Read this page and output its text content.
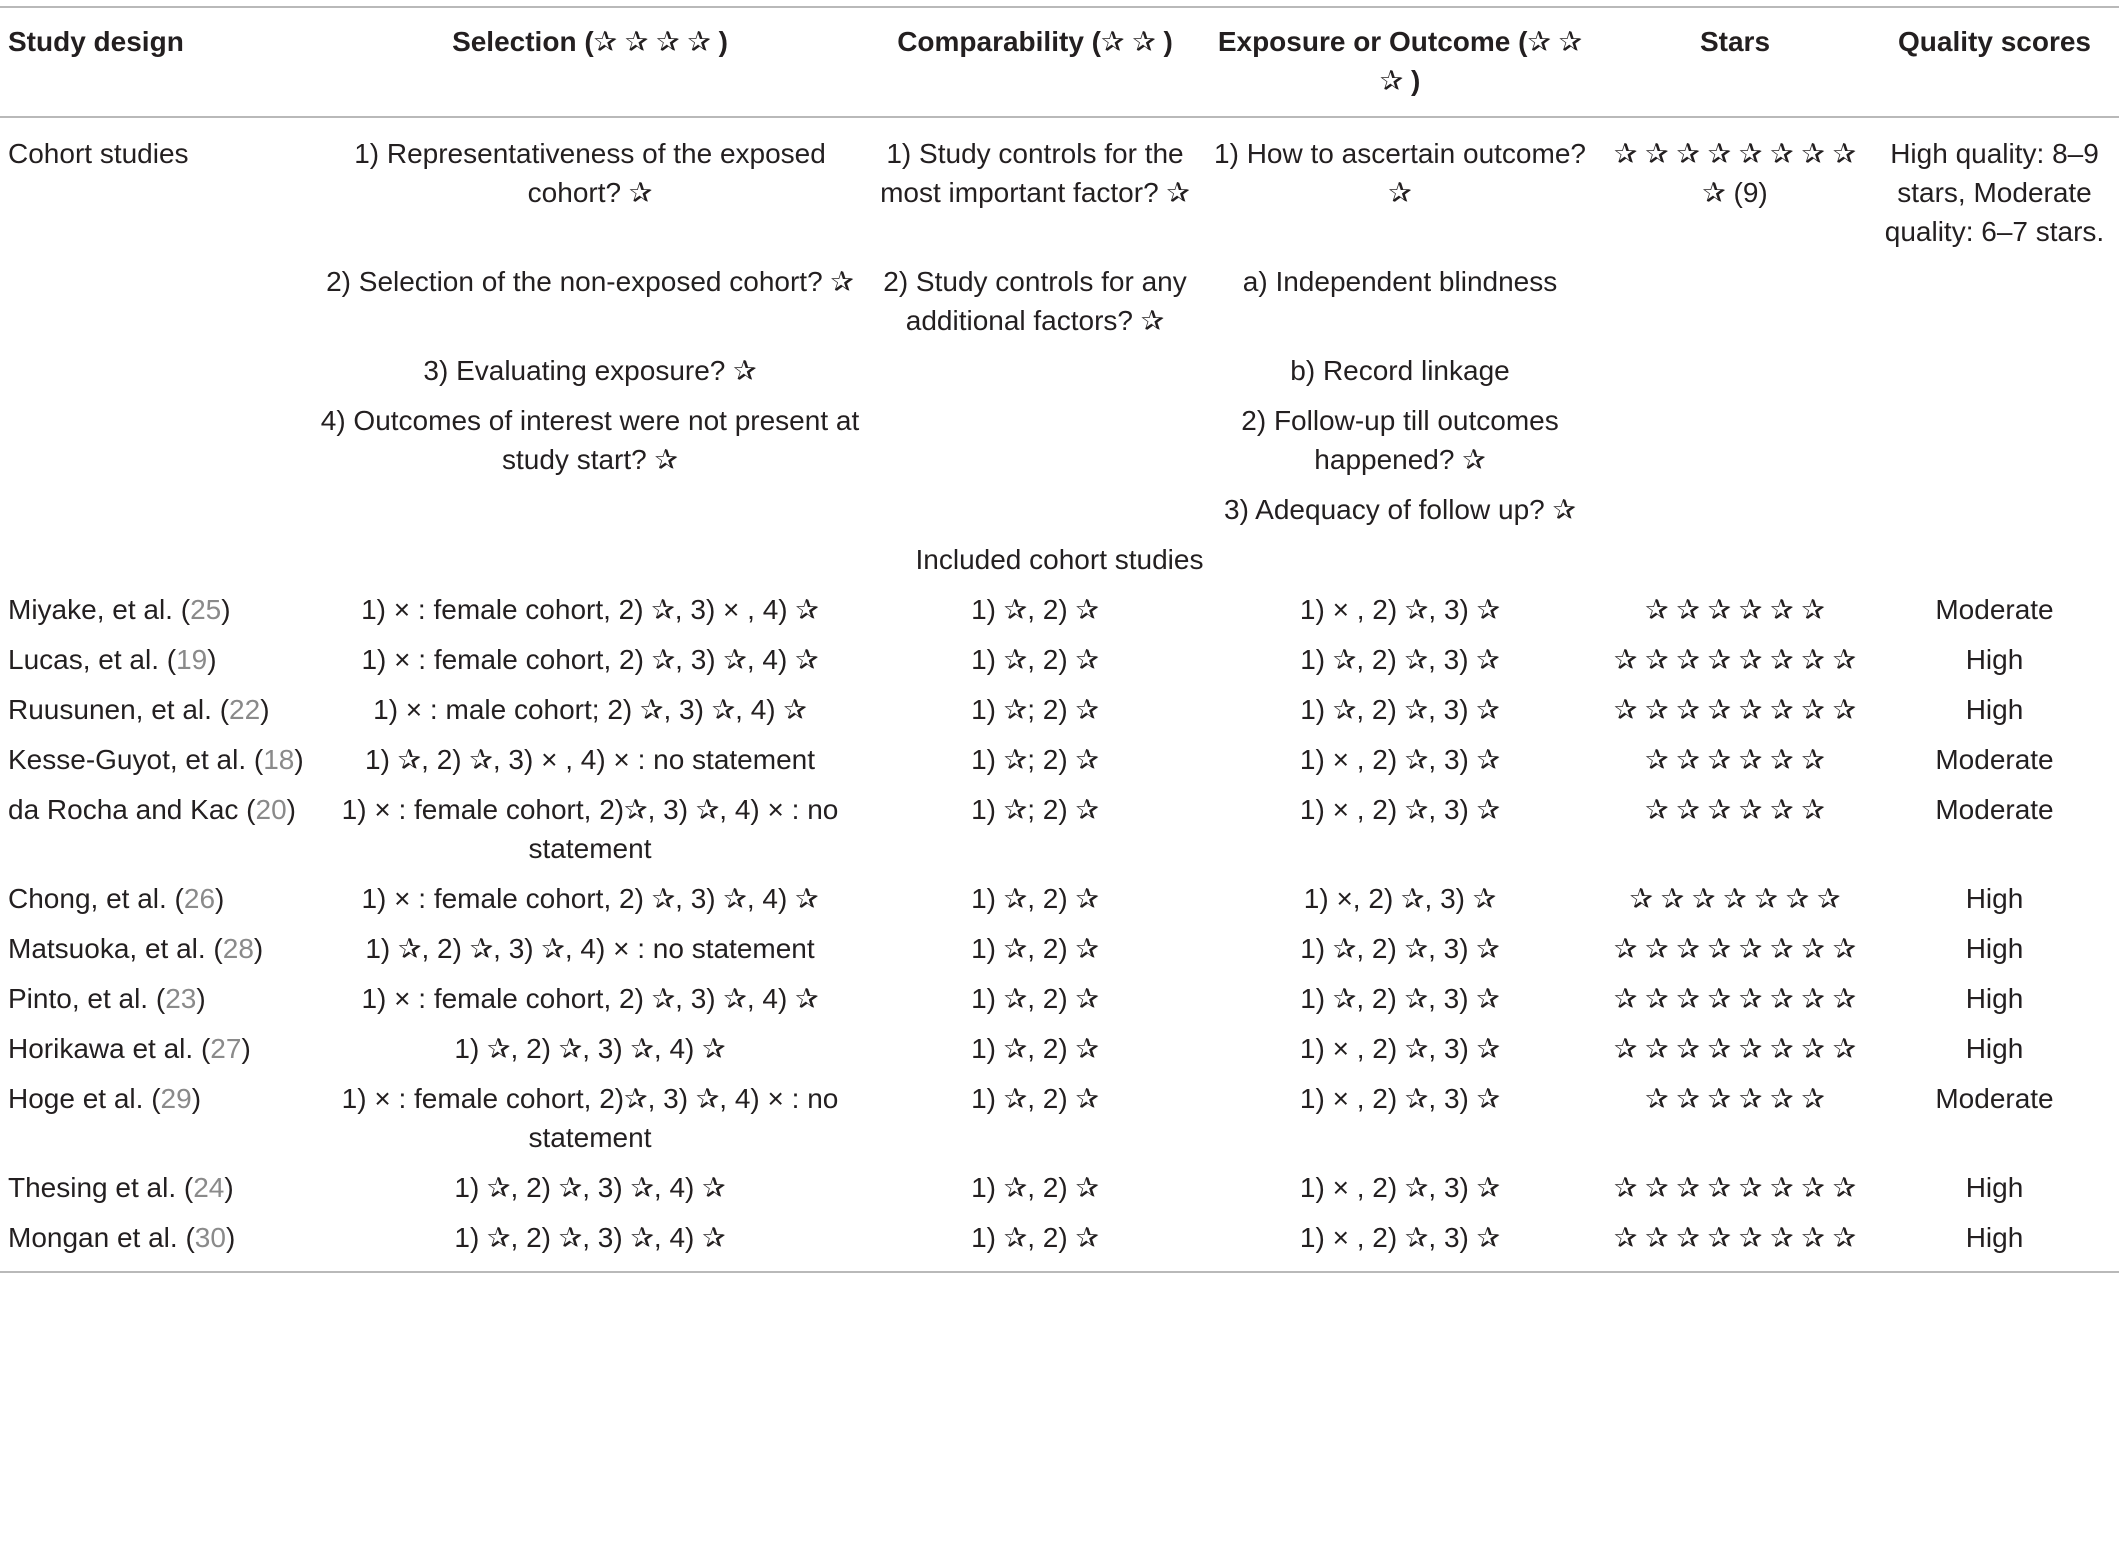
Study design	Selection (✰ ✰ ✰ ✰ )	Comparability (✰ ✰ )	Exposure or Outcome (✰ ✰ ✰ )	Stars	Quality scores
Cohort studies	1) Representativeness of the exposed cohort? ✰	1) Study controls for the most important factor? ✰	1) How to ascertain outcome? ✰	✰ ✰ ✰ ✰ ✰ ✰ ✰ ✰ ✰ (9)	High quality: 8–9 stars, Moderate quality: 6–7 stars.
	2) Selection of the non-exposed cohort? ✰	2) Study controls for any additional factors? ✰	a) Independent blindness		
	3) Evaluating exposure? ✰		b) Record linkage		
	4) Outcomes of interest were not present at study start? ✰		2) Follow-up till outcomes happened? ✰		
			3) Adequacy of follow up? ✰		
Included cohort studies					
Miyake, et al. (25)	1) × : female cohort, 2) ✰, 3) × , 4) ✰	1) ✰, 2) ✰	1) × , 2) ✰, 3) ✰	✰ ✰ ✰ ✰ ✰ ✰	Moderate
Lucas, et al. (19)	1) × : female cohort, 2) ✰, 3) ✰, 4) ✰	1) ✰, 2) ✰	1) ✰, 2) ✰, 3) ✰	✰ ✰ ✰ ✰ ✰ ✰ ✰ ✰	High
Ruusunen, et al. (22)	1) × : male cohort; 2) ✰, 3) ✰, 4) ✰	1) ✰; 2) ✰	1) ✰, 2) ✰, 3) ✰	✰ ✰ ✰ ✰ ✰ ✰ ✰ ✰	High
Kesse-Guyot, et al. (18)	1) ✰, 2) ✰, 3) × , 4) × : no statement	1) ✰; 2) ✰	1) × , 2) ✰, 3) ✰	✰ ✰ ✰ ✰ ✰ ✰	Moderate
da Rocha and Kac (20)	1) × : female cohort, 2)✰, 3) ✰, 4) × : no statement	1) ✰; 2) ✰	1) × , 2) ✰, 3) ✰	✰ ✰ ✰ ✰ ✰ ✰	Moderate
Chong, et al. (26)	1) × : female cohort, 2) ✰, 3) ✰, 4) ✰	1) ✰, 2) ✰	1) ×, 2) ✰, 3) ✰	✰ ✰ ✰ ✰ ✰ ✰ ✰	High
Matsuoka, et al. (28)	1) ✰, 2) ✰, 3) ✰, 4) × : no statement	1) ✰, 2) ✰	1) ✰, 2) ✰, 3) ✰	✰ ✰ ✰ ✰ ✰ ✰ ✰ ✰	High
Pinto, et al. (23)	1) × : female cohort, 2) ✰, 3) ✰, 4) ✰	1) ✰, 2) ✰	1) ✰, 2) ✰, 3) ✰	✰ ✰ ✰ ✰ ✰ ✰ ✰ ✰	High
Horikawa et al. (27)	1) ✰, 2) ✰, 3) ✰, 4) ✰	1) ✰, 2) ✰	1) × , 2) ✰, 3) ✰	✰ ✰ ✰ ✰ ✰ ✰ ✰ ✰	High
Hoge et al. (29)	1) × : female cohort, 2)✰, 3) ✰, 4) × : no statement	1) ✰, 2) ✰	1) × , 2) ✰, 3) ✰	✰ ✰ ✰ ✰ ✰ ✰	Moderate
Thesing et al. (24)	1) ✰, 2) ✰, 3) ✰, 4) ✰	1) ✰, 2) ✰	1) × , 2) ✰, 3) ✰	✰ ✰ ✰ ✰ ✰ ✰ ✰ ✰	High
Mongan et al. (30)	1) ✰, 2) ✰, 3) ✰, 4) ✰	1) ✰, 2) ✰	1) × , 2) ✰, 3) ✰	✰ ✰ ✰ ✰ ✰ ✰ ✰ ✰	High
